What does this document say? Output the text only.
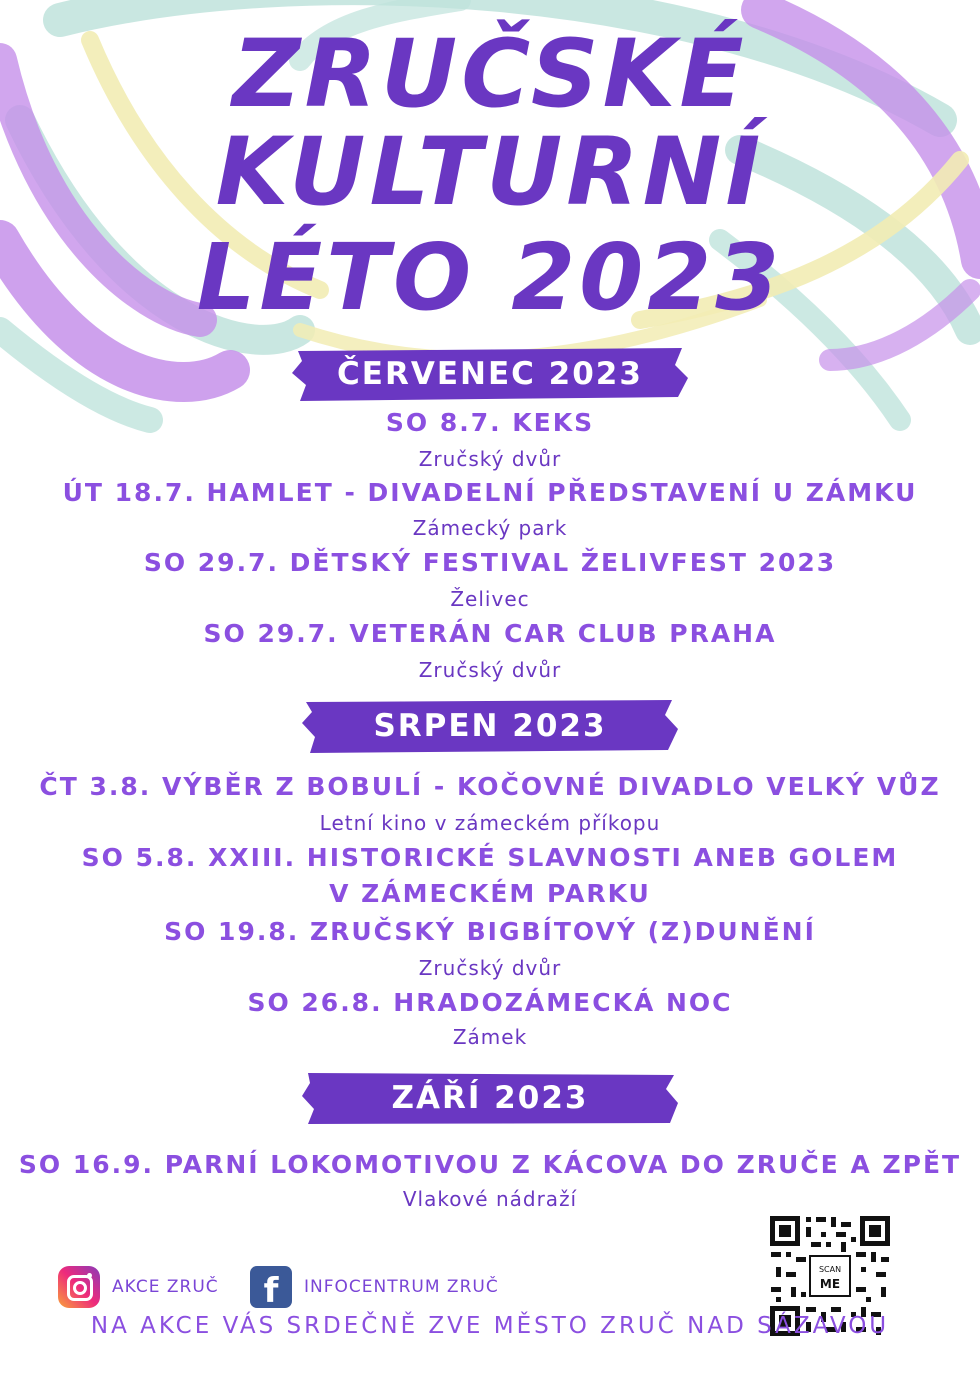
ZRUČSKÉ
KULTURNÍ
LÉTO 2023
ČERVENEC 2023
SO 8.7. KEKS
Zručský dvůr
ÚT 18.7. HAMLET - DIVADELNÍ PŘEDSTAVENÍ U ZÁMKU
Zámecký park
SO 29.7. DĚTSKÝ FESTIVAL ŽELIVFEST 2023
Želivec
SO 29.7. VETERÁN CAR CLUB PRAHA
Zručský dvůr
SRPEN 2023
ČT 3.8. VÝBĚR Z BOBULÍ - KOČOVNÉ DIVADLO VELKÝ VŮZ
Letní kino v zámeckém příkopu
SO 5.8. XXIII. HISTORICKÉ SLAVNOSTI ANEB GOLEM
V ZÁMECKÉM PARKU
SO 19.8. ZRUČSKÝ BIGBÍTOVÝ (Z)DUNĚNÍ
Zručský dvůr
SO 26.8. HRADOZÁMECKÁ NOC
Zámek
ZÁŘÍ 2023
SO 16.9. PARNÍ LOKOMOTIVOU Z KÁCOVA DO ZRUČE A ZPĚT
Vlakové nádraží
AKCE ZRUČ	f	INFOCENTRUM ZRUČ
SCAN
ME
NA AKCE VÁS SRDEČNĚ ZVE MĚSTO ZRUČ NAD SÁZAVOU
